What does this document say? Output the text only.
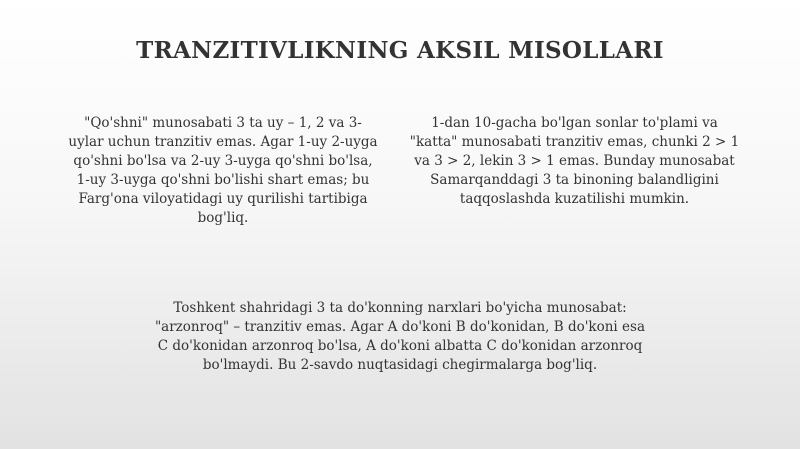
TRANZITIVLIKNING AKSIL MISOLLARI

"Qo'shni" munosabati 3 ta uy – 1, 2 va 3-
uylar uchun tranzitiv emas. Agar 1-uy 2-uyga
qo'shni bo'lsa va 2-uy 3-uyga qo'shni bo'lsa,
1-uy 3-uyga qo'shni bo'lishi shart emas; bu
Farg'ona viloyatidagi uy qurilishi tartibiga
bog'liq.

1-dan 10-gacha bo'lgan sonlar to'plami va
"katta" munosabati tranzitiv emas, chunki 2 > 1
va 3 > 2, lekin 3 > 1 emas. Bunday munosabat
Samarqanddagi 3 ta binoning balandligini
taqqoslashda kuzatilishi mumkin.

Toshkent shahridagi 3 ta do'konning narxlari bo'yicha munosabat:
"arzonroq" – tranzitiv emas. Agar A do'koni B do'konidan, B do'koni esa
C do'konidan arzonroq bo'lsa, A do'koni albatta C do'konidan arzonroq
bo'lmaydi. Bu 2-savdo nuqtasidagi chegirmalarga bog'liq.
